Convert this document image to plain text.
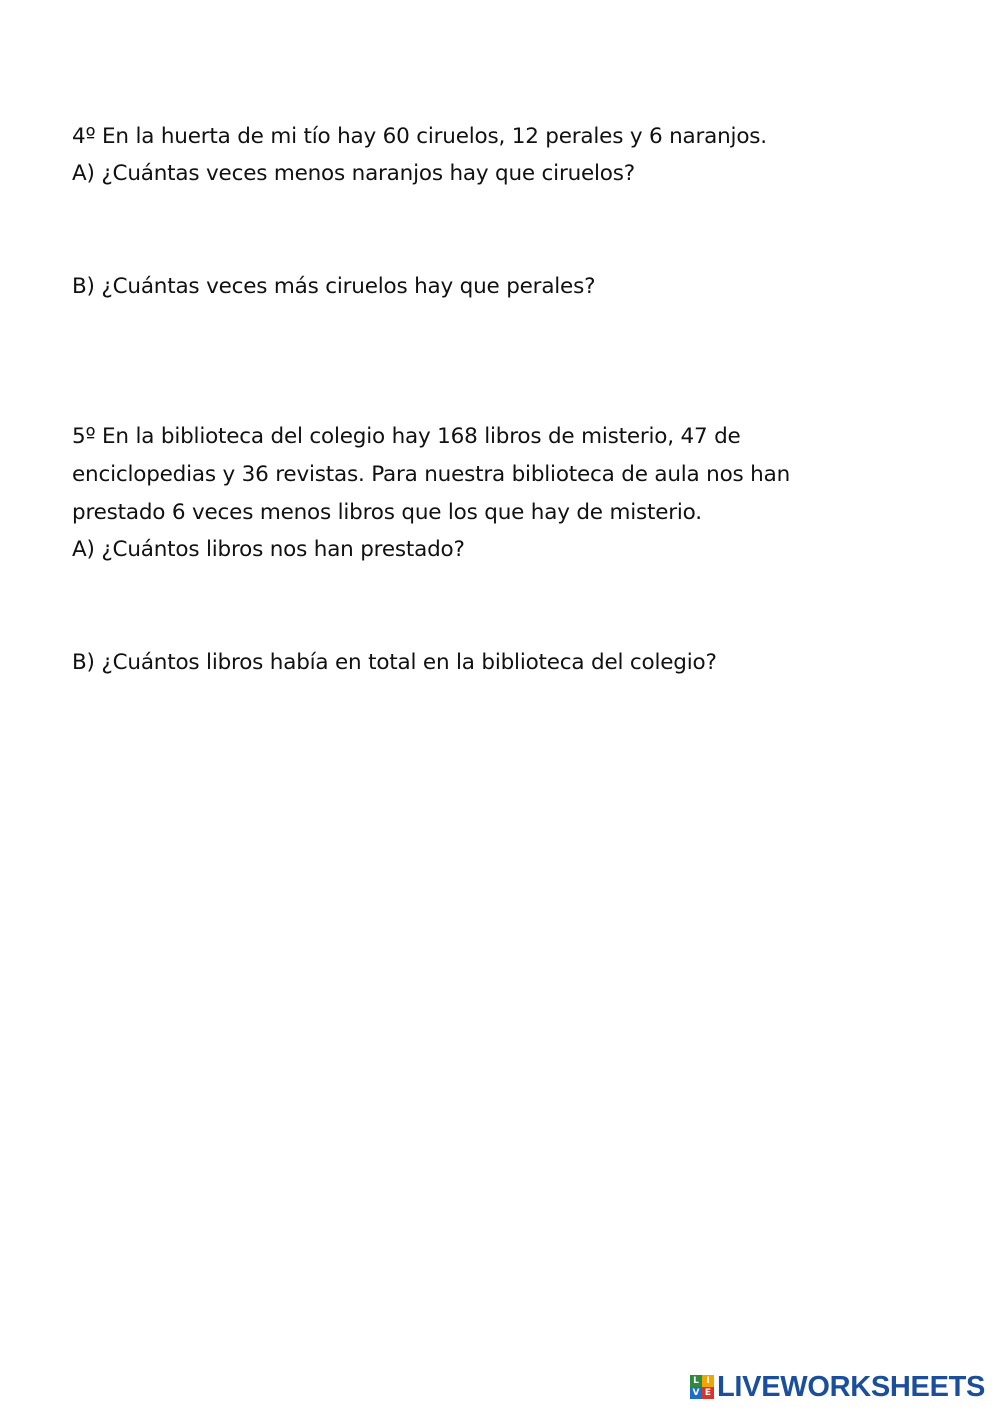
4º En la huerta de mi tío hay 60 ciruelos, 12 perales y 6 naranjos.
A) ¿Cuántas veces menos naranjos hay que ciruelos?
B) ¿Cuántas veces más ciruelos hay que perales?
5º En la biblioteca del colegio hay 168 libros de misterio, 47 de
enciclopedias y 36 revistas. Para nuestra biblioteca de aula nos han
prestado 6 veces menos libros que los que hay de misterio.
A) ¿Cuántos libros nos han prestado?
B) ¿Cuántos libros había en total en la biblioteca del colegio?
L I
V E LIVEWORKSHEETS
